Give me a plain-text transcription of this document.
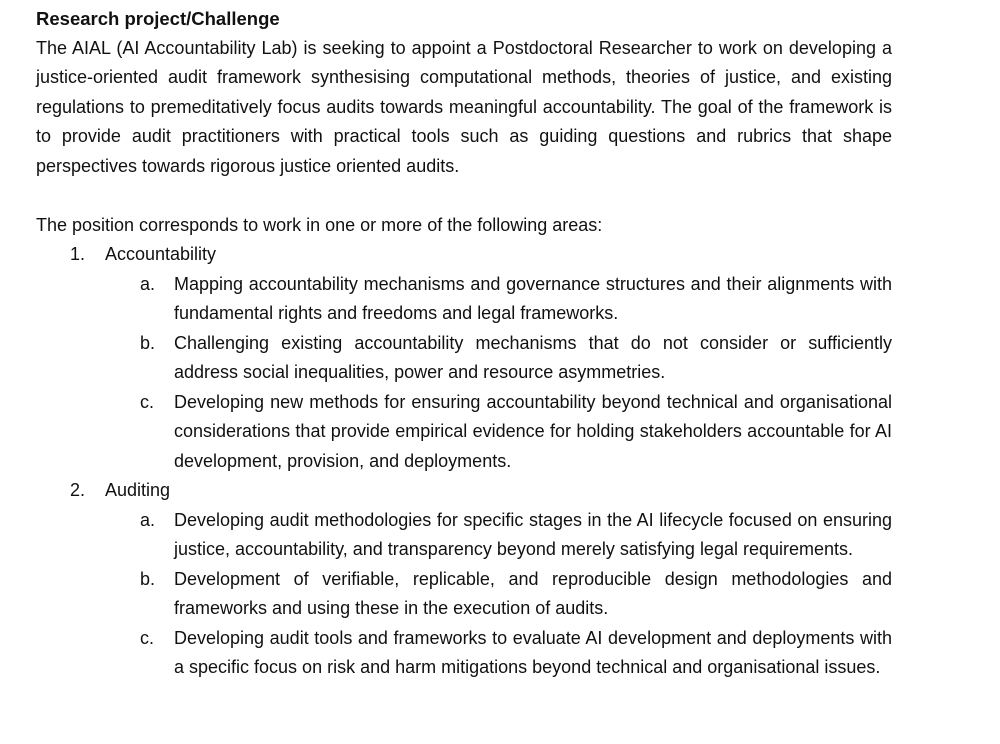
Research project/Challenge

The AIAL (AI Accountability Lab) is seeking to appoint a Postdoctoral Researcher to work on developing a justice-oriented audit framework synthesising computational methods, theories of justice, and existing regulations to premeditatively focus audits towards meaningful accountability. The goal of the framework is to provide audit practitioners with practical tools such as guiding questions and rubrics that shape perspectives towards rigorous justice oriented audits.

The position corresponds to work in one or more of the following areas:

1. Accountability

a. Mapping accountability mechanisms and governance structures and their alignments with fundamental rights and freedoms and legal frameworks.

b. Challenging existing accountability mechanisms that do not consider or sufficiently address social inequalities, power and resource asymmetries.

c. Developing new methods for ensuring accountability beyond technical and organisational considerations that provide empirical evidence for holding stakeholders accountable for AI development, provision, and deployments.

2. Auditing

a. Developing audit methodologies for specific stages in the AI lifecycle focused on ensuring justice, accountability, and transparency beyond merely satisfying legal requirements.

b. Development of verifiable, replicable, and reproducible design methodologies and frameworks and using these in the execution of audits.

c. Developing audit tools and frameworks to evaluate AI development and deployments with a specific focus on risk and harm mitigations beyond technical and organisational issues.
